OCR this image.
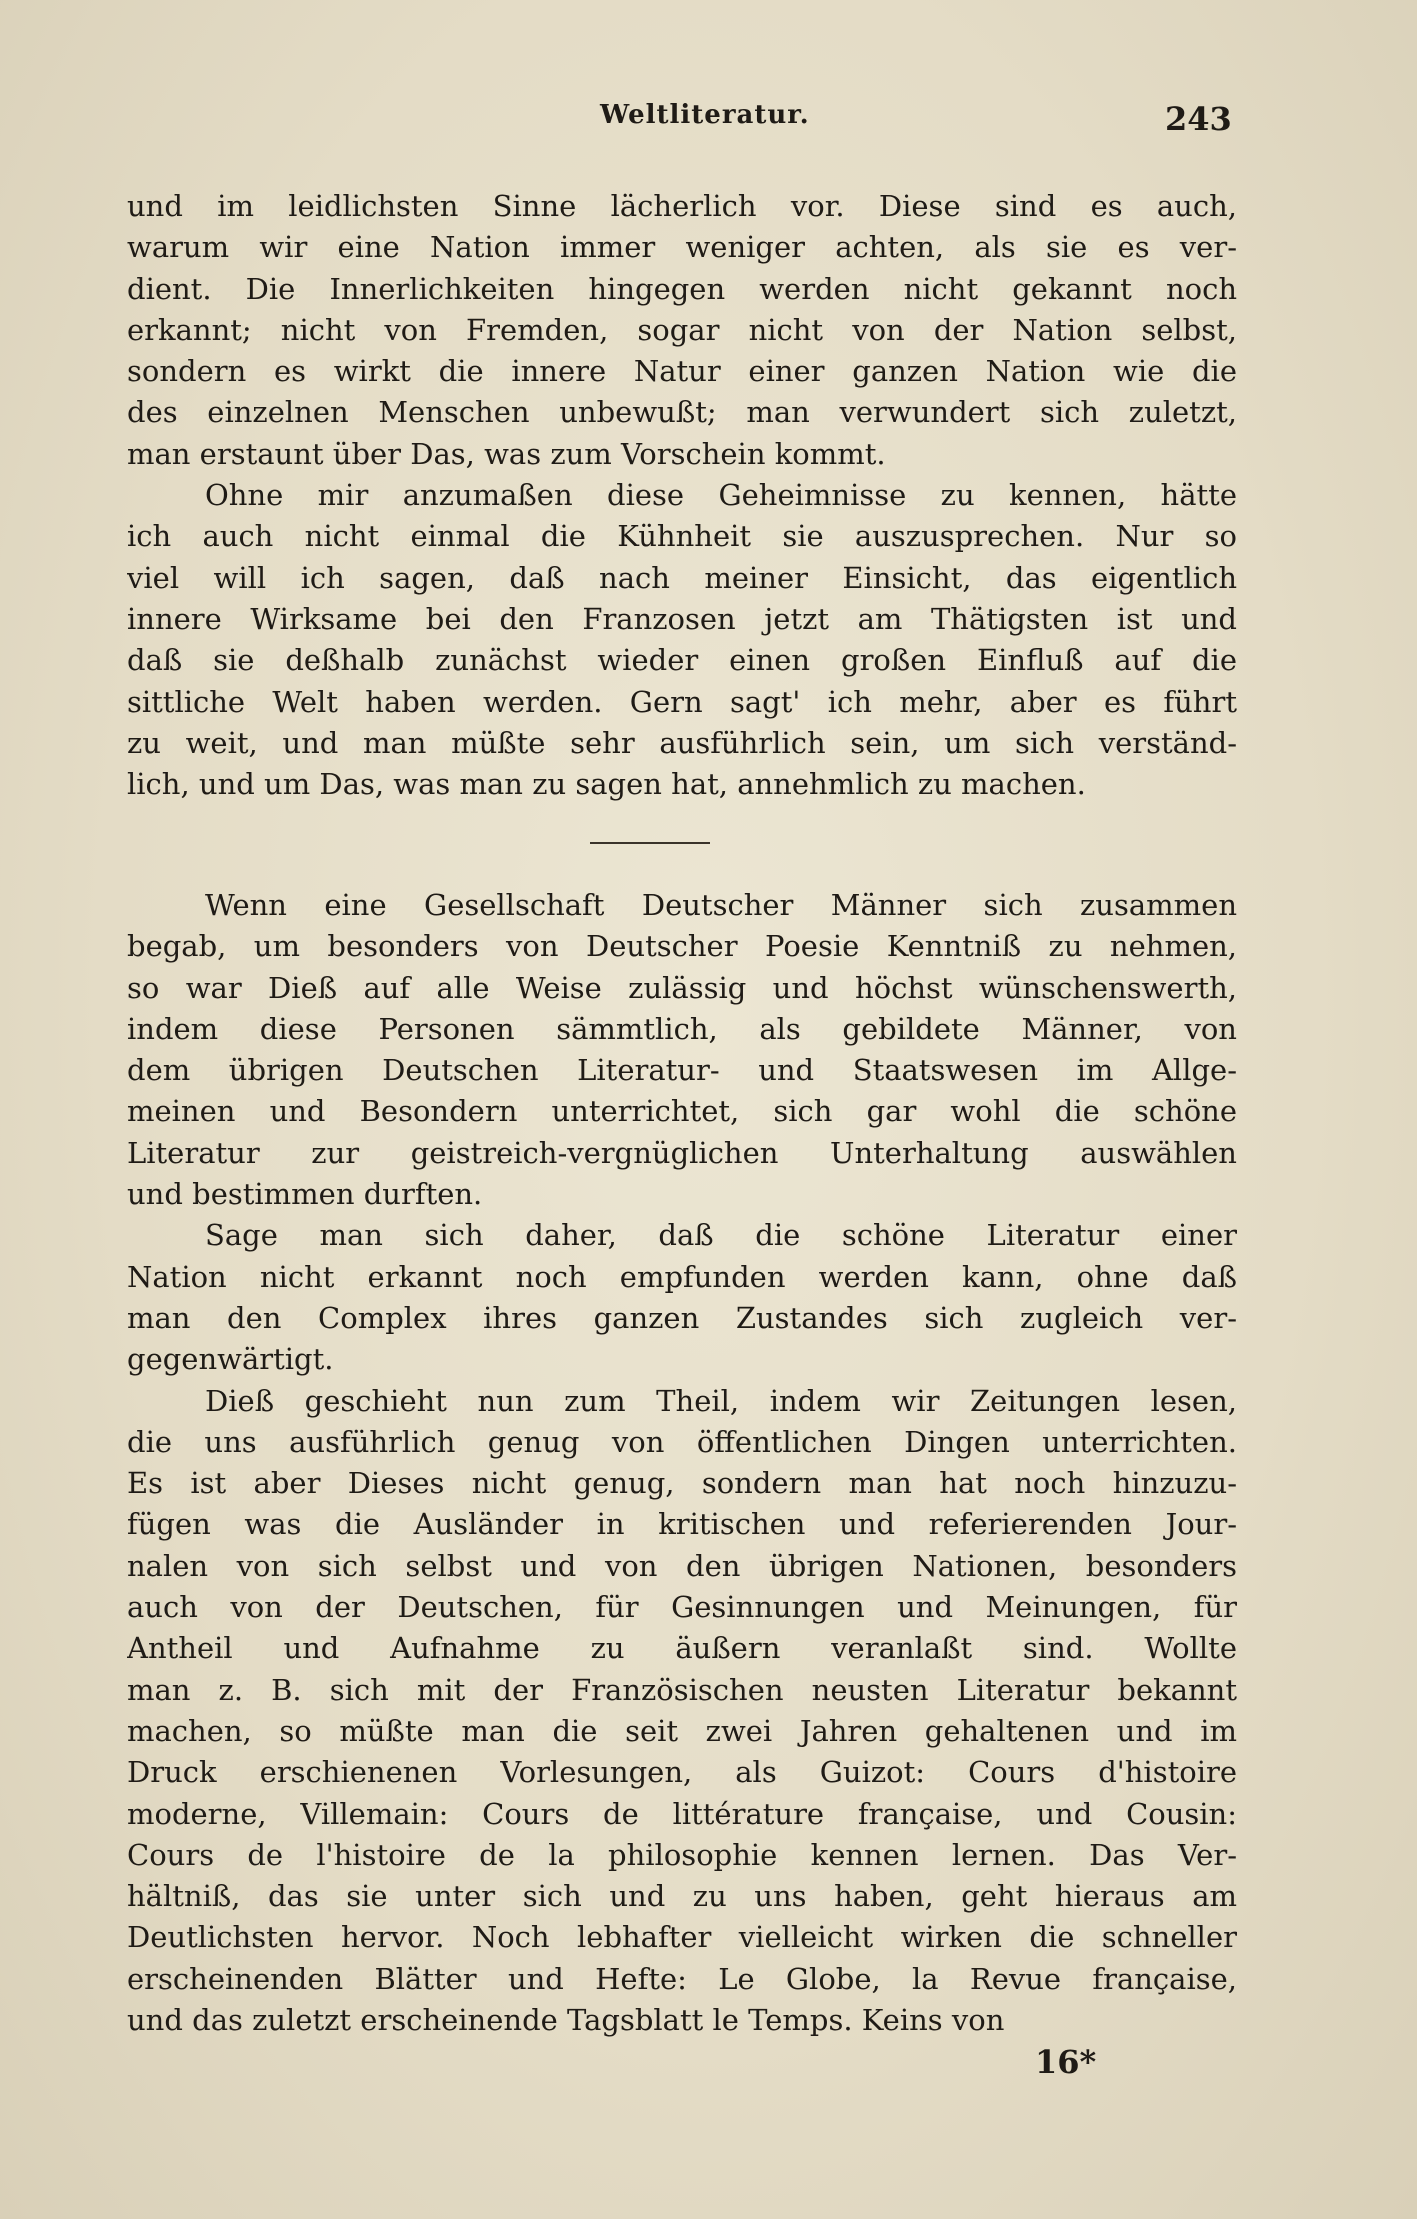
Weltliteratur.	243
und im leidlichsten Sinne lächerlich vor. Diese sind es auch,
warum wir eine Nation immer weniger achten, als sie es ver-
dient. Die Innerlichkeiten hingegen werden nicht gekannt noch
erkannt; nicht von Fremden, sogar nicht von der Nation selbst,
sondern es wirkt die innere Natur einer ganzen Nation wie die
des einzelnen Menschen unbewußt; man verwundert sich zuletzt,
man erstaunt über Das, was zum Vorschein kommt.
Ohne mir anzumaßen diese Geheimnisse zu kennen, hätte
ich auch nicht einmal die Kühnheit sie auszusprechen. Nur so
viel will ich sagen, daß nach meiner Einsicht, das eigentlich
innere Wirksame bei den Franzosen jetzt am Thätigsten ist und
daß sie deßhalb zunächst wieder einen großen Einfluß auf die
sittliche Welt haben werden. Gern sagt' ich mehr, aber es führt
zu weit, und man müßte sehr ausführlich sein, um sich verständ-
lich, und um Das, was man zu sagen hat, annehmlich zu machen.
Wenn eine Gesellschaft Deutscher Männer sich zusammen
begab, um besonders von Deutscher Poesie Kenntniß zu nehmen,
so war Dieß auf alle Weise zulässig und höchst wünschenswerth,
indem diese Personen sämmtlich, als gebildete Männer, von
dem übrigen Deutschen Literatur- und Staatswesen im Allge-
meinen und Besondern unterrichtet, sich gar wohl die schöne
Literatur zur geistreich-vergnüglichen Unterhaltung auswählen
und bestimmen durften.
Sage man sich daher, daß die schöne Literatur einer
Nation nicht erkannt noch empfunden werden kann, ohne daß
man den Complex ihres ganzen Zustandes sich zugleich ver-
gegenwärtigt.
Dieß geschieht nun zum Theil, indem wir Zeitungen lesen,
die uns ausführlich genug von öffentlichen Dingen unterrichten.
Es ist aber Dieses nicht genug, sondern man hat noch hinzuzu-
fügen was die Ausländer in kritischen und referierenden Jour-
nalen von sich selbst und von den übrigen Nationen, besonders
auch von der Deutschen, für Gesinnungen und Meinungen, für
Antheil und Aufnahme zu äußern veranlaßt sind. Wollte
man z. B. sich mit der Französischen neusten Literatur bekannt
machen, so müßte man die seit zwei Jahren gehaltenen und im
Druck erschienenen Vorlesungen, als Guizot: Cours d'histoire
moderne, Villemain: Cours de littérature française, und Cousin:
Cours de l'histoire de la philosophie kennen lernen. Das Ver-
hältniß, das sie unter sich und zu uns haben, geht hieraus am
Deutlichsten hervor. Noch lebhafter vielleicht wirken die schneller
erscheinenden Blätter und Hefte: Le Globe, la Revue française,
und das zuletzt erscheinende Tagsblatt le Temps. Keins von
16*
